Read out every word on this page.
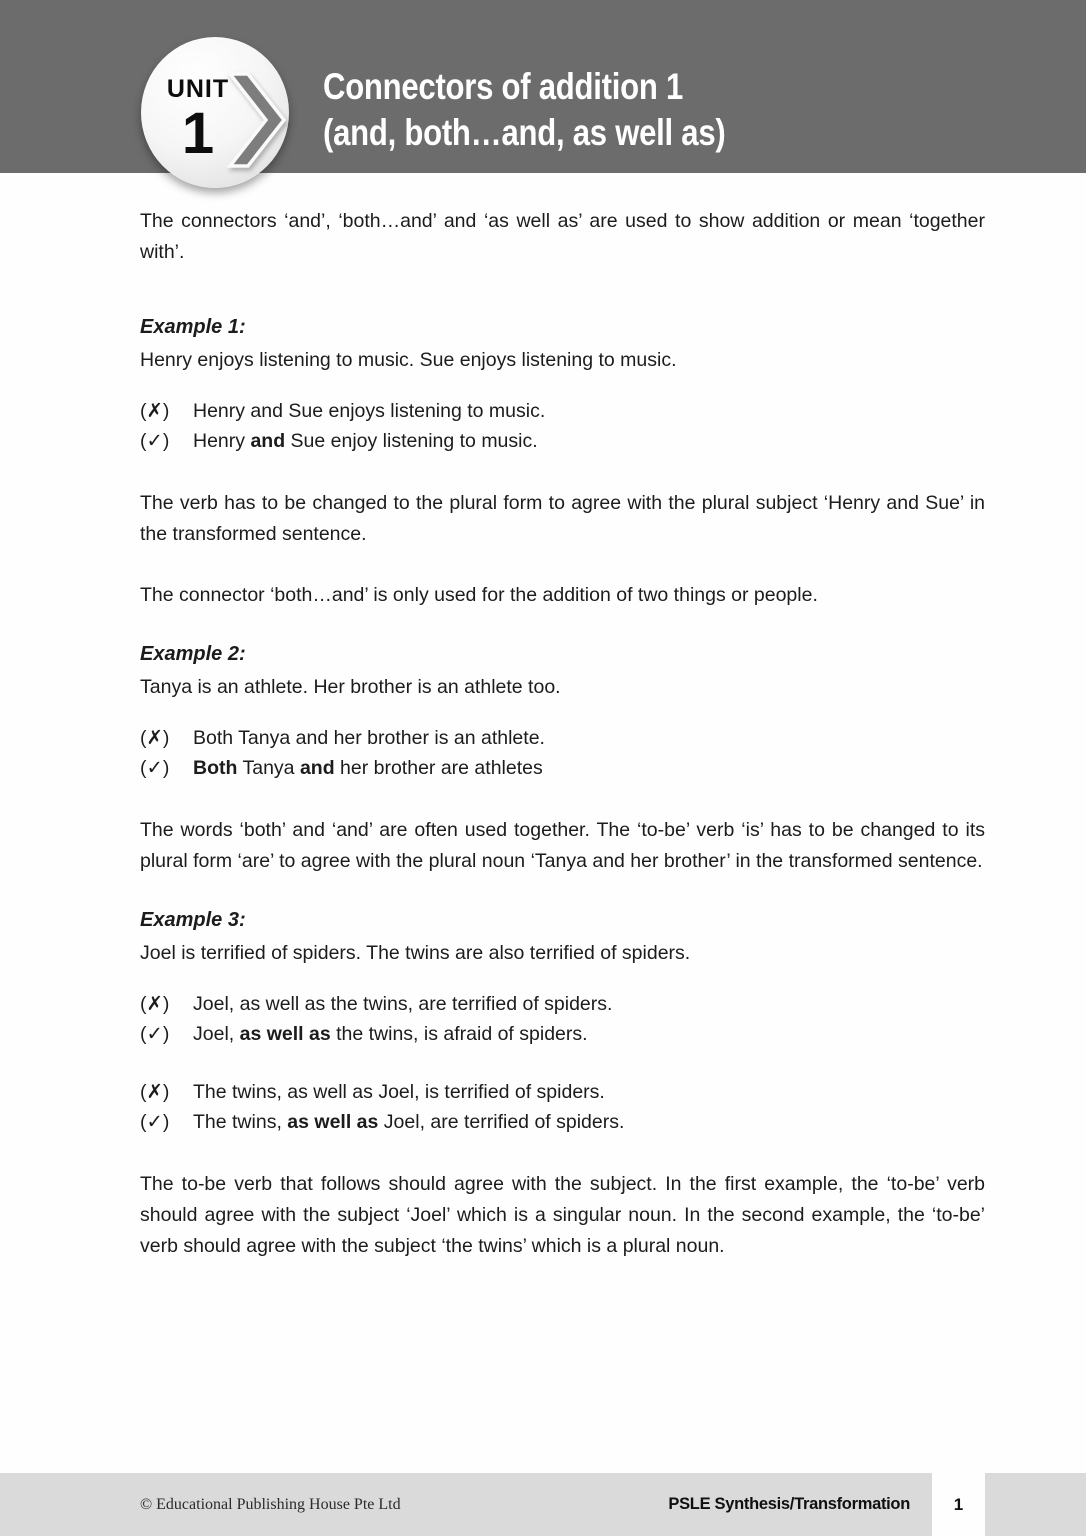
Connectors of addition 1
(and, both…and, as well as)
UNIT
1

The connectors ‘and’, ‘both…and’ and ‘as well as’ are used to show addition or mean ‘together with’.

Example 1:
Henry enjoys listening to music. Sue enjoys listening to music.
(✗)	Henry and Sue enjoys listening to music.
(✓)	Henry and Sue enjoy listening to music.

The verb has to be changed to the plural form to agree with the plural subject ‘Henry and Sue’ in the transformed sentence.

The connector ‘both…and’ is only used for the addition of two things or people.

Example 2:
Tanya is an athlete. Her brother is an athlete too.
(✗)	Both Tanya and her brother is an athlete.
(✓)	Both Tanya and her brother are athletes

The words ‘both’ and ‘and’ are often used together. The ‘to-be’ verb ‘is’ has to be changed to its plural form ‘are’ to agree with the plural noun ‘Tanya and her brother’ in the transformed sentence.

Example 3:
Joel is terrified of spiders. The twins are also terrified of spiders.
(✗)	Joel, as well as the twins, are terrified of spiders.
(✓)	Joel, as well as the twins, is afraid of spiders.
(✗)	The twins, as well as Joel, is terrified of spiders.
(✓)	The twins, as well as Joel, are terrified of spiders.

The to-be verb that follows should agree with the subject. In the first example, the ‘to-be’ verb should agree with the subject ‘Joel’ which is a singular noun. In the second example, the ‘to-be’ verb should agree with the subject ‘the twins’ which is a plural noun.

© Educational Publishing House Pte Ltd	PSLE Synthesis/Transformation	1
